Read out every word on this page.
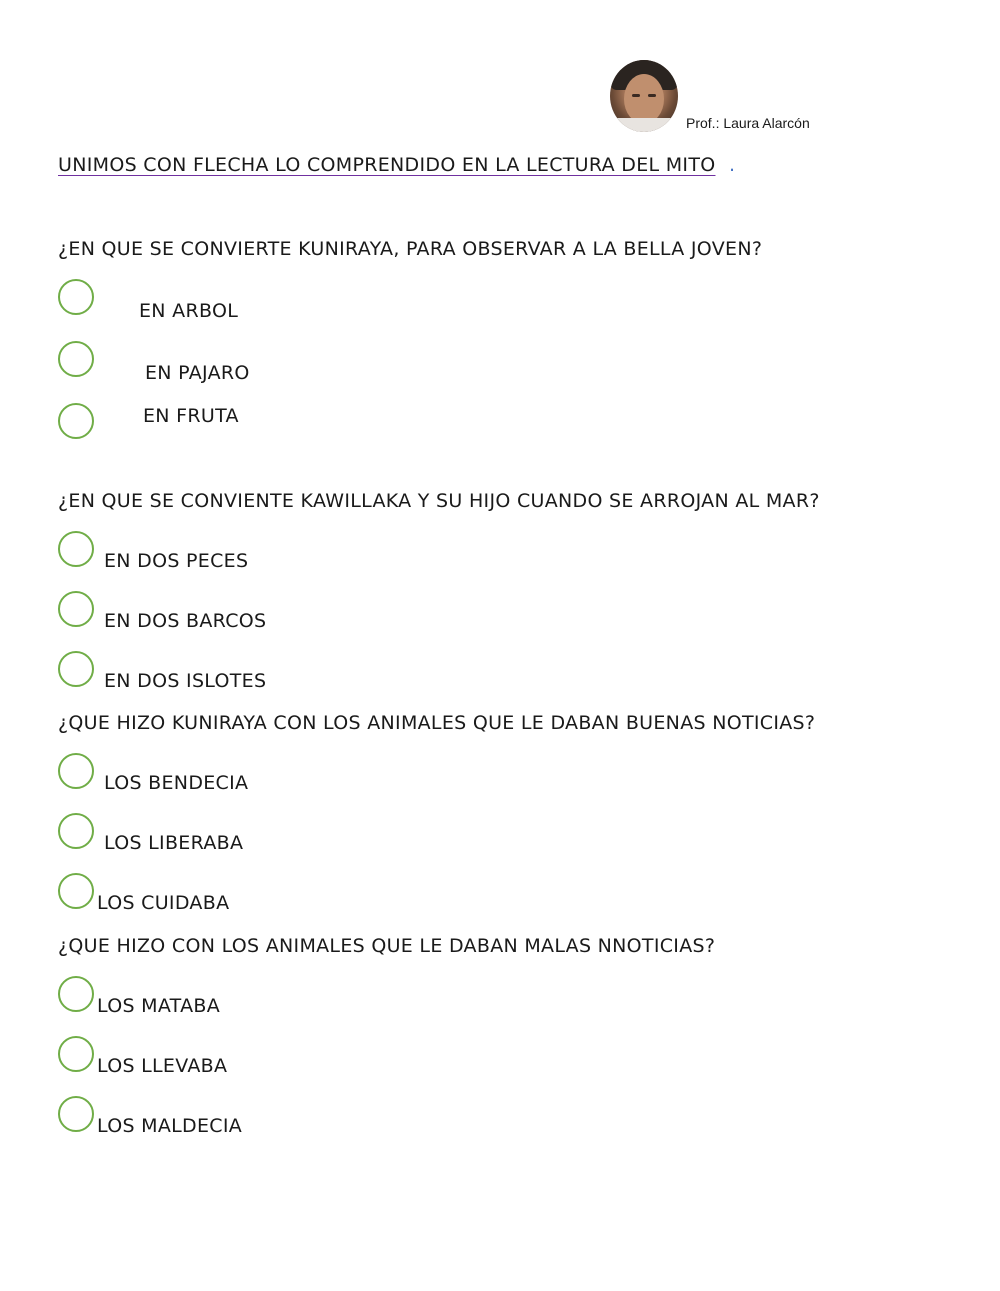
Prof.: Laura Alarcón
UNIMOS CON FLECHA LO COMPRENDIDO EN LA LECTURA DEL MITO .
¿EN QUE SE CONVIERTE KUNIRAYA, PARA OBSERVAR A LA BELLA JOVEN?
EN ARBOL
EN PAJARO
EN FRUTA
¿EN QUE SE CONVIENTE KAWILLAKA Y SU HIJO CUANDO SE ARROJAN AL MAR?
EN DOS PECES
EN DOS BARCOS
EN DOS ISLOTES
¿QUE HIZO KUNIRAYA CON LOS ANIMALES QUE LE DABAN BUENAS NOTICIAS?
LOS BENDECIA
LOS LIBERABA
LOS CUIDABA
¿QUE HIZO CON LOS ANIMALES QUE LE DABAN MALAS NNOTICIAS?
LOS MATABA
LOS LLEVABA
LOS MALDECIA
